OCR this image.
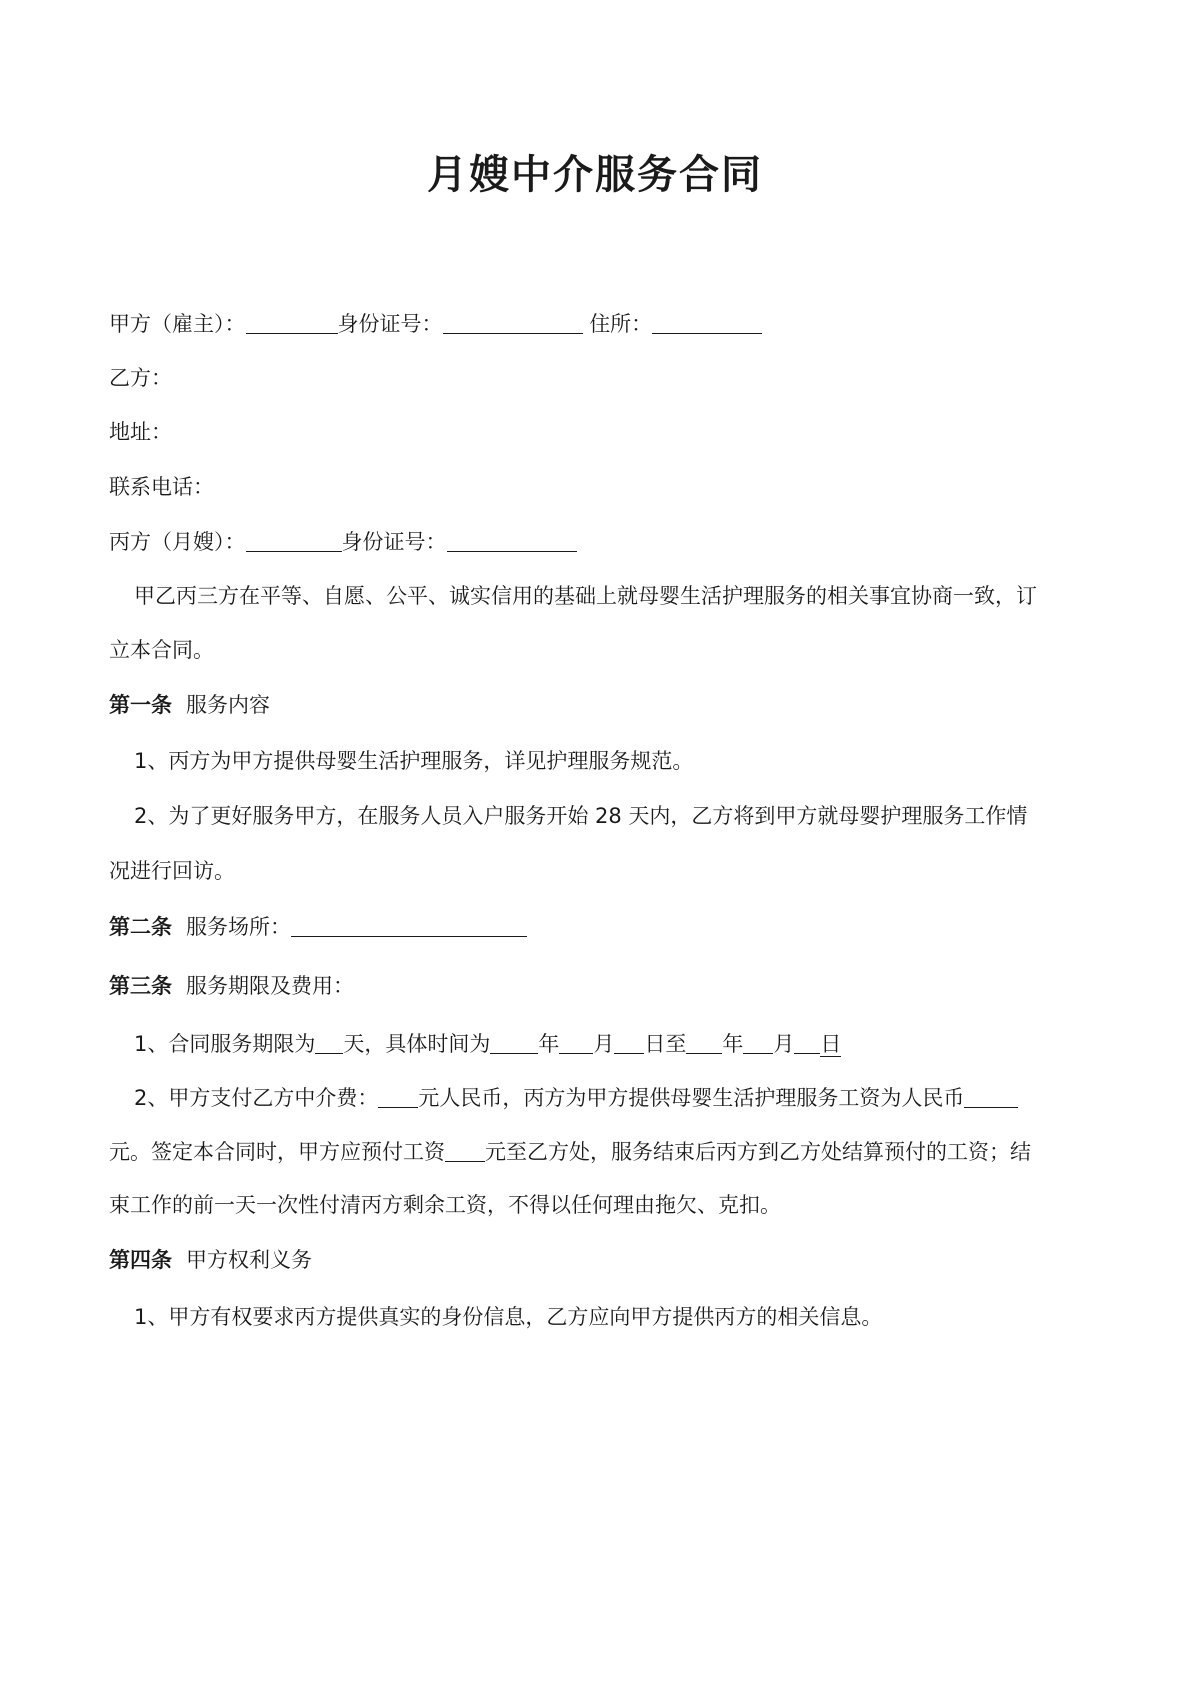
月嫂中介服务合同
甲方（雇主）：	身份证号：	住所：
乙方：
地址：
联系电话：
丙方（月嫂）：	身份证号：
甲乙丙三方在平等、自愿、公平、诚实信用的基础上就母婴生活护理服务的相关事宜协商一致，订
立本合同。
第一条 服务内容
1、丙方为甲方提供母婴生活护理服务，详见护理服务规范。
2、为了更好服务甲方，在服务人员入户服务开始 28 天内，乙方将到甲方就母婴护理服务工作情
况进行回访。
第二条 服务场所：
第三条 服务期限及费用：
1、合同服务期限为 天，具体时间为 年 月 日至 年 月 日
2、甲方支付乙方中介费： 元人民币，丙方为甲方提供母婴生活护理服务工资为人民币
元。签定本合同时，甲方应预付工资 元至乙方处，服务结束后丙方到乙方处结算预付的工资；结
束工作的前一天一次性付清丙方剩余工资，不得以任何理由拖欠、克扣。
第四条 甲方权利义务
1、甲方有权要求丙方提供真实的身份信息，乙方应向甲方提供丙方的相关信息。
